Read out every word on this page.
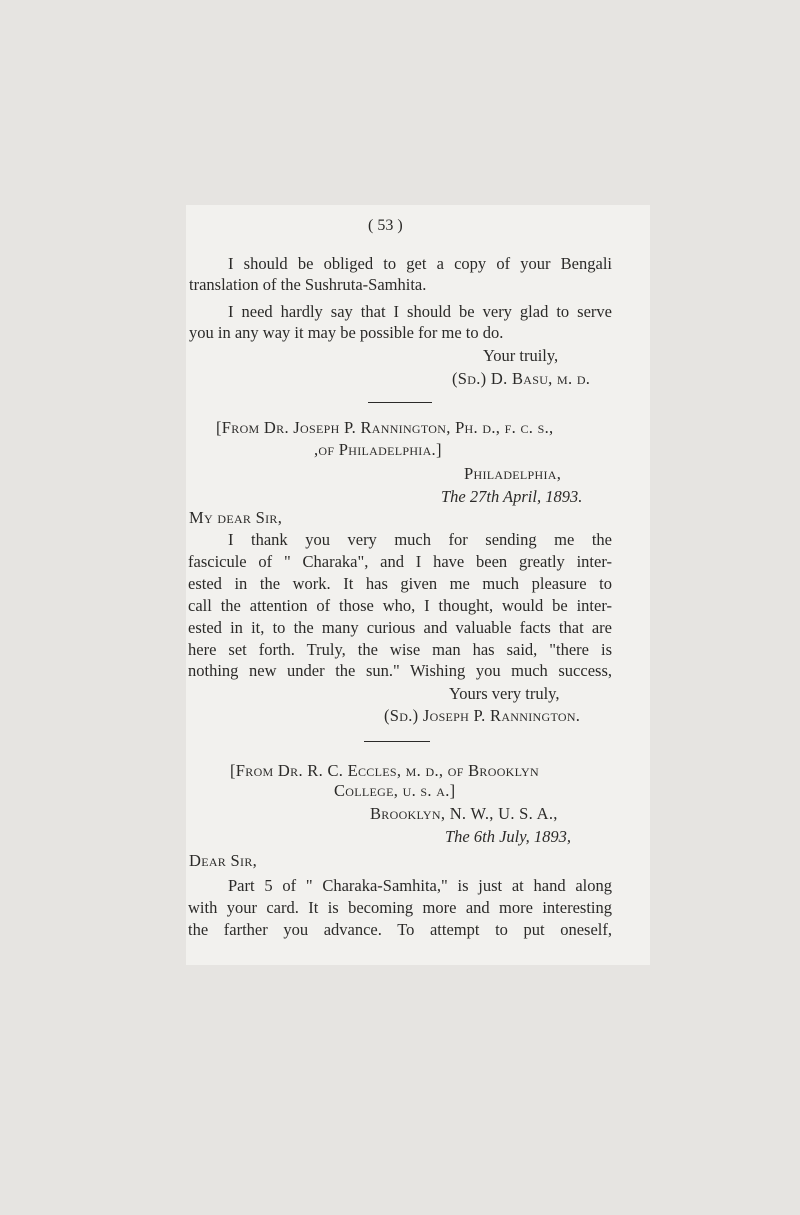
( 53 )
I should be obliged to get a copy of your Bengali
translation of the Sushruta-Samhita.
I need hardly say that I should be very glad to serve
you in any way it may be possible for me to do.
Your truily,
(Sd.) D. Basu, m. d.
[From Dr. Joseph P. Rannington, Ph. d., f. c. s.,
,of Philadelphia.]
Philadelphia,
The 27th April, 1893.
My dear Sir,
I thank you very much for sending me the
fascicule of " Charaka", and I have been greatly inter-
ested in the work. It has given me much pleasure to
call the attention of those who, I thought, would be inter-
ested in it, to the many curious and valuable facts that are
here set forth. Truly, the wise man has said, "there is
nothing new under the sun." Wishing you much success,
Yours very truly,
(Sd.) Joseph P. Rannington.
[From Dr. R. C. Eccles, m. d., of Brooklyn
College, u. s. a.]
Brooklyn, N. W., U. S. A.,
The 6th July, 1893,
Dear Sir,
Part 5 of " Charaka-Samhita," is just at hand along
with your card. It is becoming more and more interesting
the farther you advance. To attempt to put oneself,
